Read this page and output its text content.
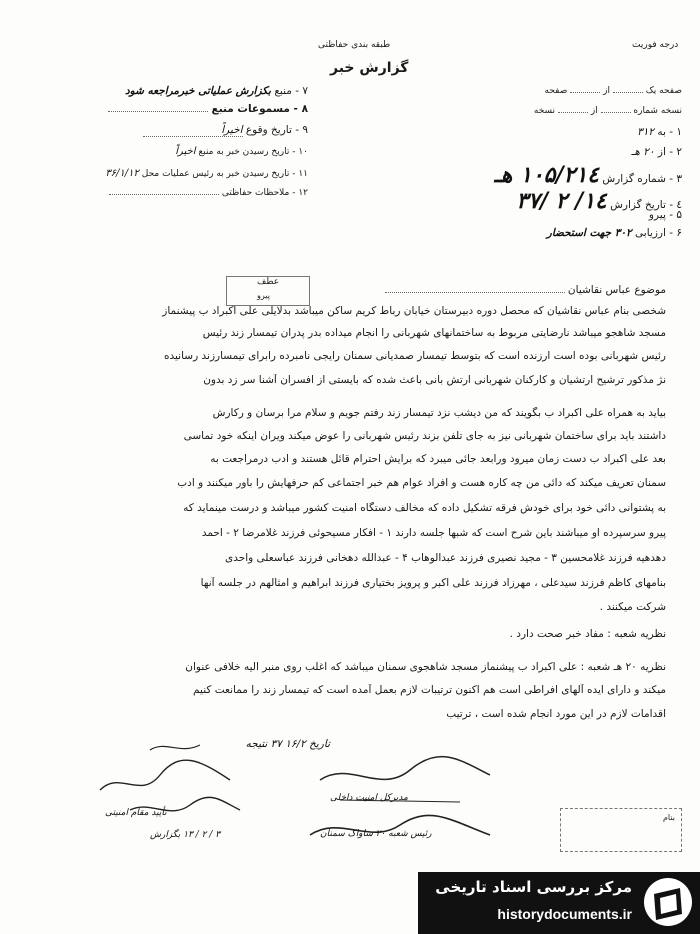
طبقه بندی حفاظتی
گزارش خبر
درجه فوریت
۷ - منبع بکزارش عملیاتی خبرمراجعه شود
۸ - مسموعات منبع
۹ - تاریخ وقوع اخیراً
۱۰ - تاریخ رسیدن خبر به منبع اخیراً
۱۱ - تاریخ رسیدن خبر به رئیس عملیات محل ۳۶/۱/۱۲
۱۲ - ملاحظات حفاظتی
صفحه یک  از  صفحه
نسخه شماره  از  نسخه
۱ - به ۳۱۲
۲ - از ۲۰ هـ
۳ - شماره گزارش ۱۰۵/۲۱٤ هـ
٤ - تاریخ گزارش ۱٤/ ۲ /۳۷
۵ - پیرو
۶ - ارزیابی ۳۰۲ جهت استحضار
عطف
پیرو	موضوع عباس نقاشیان
شخصی بنام عباس نقاشیان که محصل دوره دبیرستان خیابان رباط کریم ساکن میباشد بدلایلی علی اکبراد ب پیشنماز
مسجد شاهجو میباشد نارضایتی مربوط به ساختمانهای شهربانی را انجام میداده بدر پدران تیمسار زند رئیس
رئیس شهربانی بوده است ارزنده است که بتوسط تیمسار صمدیانی سمنان رایجی نامبرده رابرای تیمسارزند رسانیده
نژ مذکور ترشیح ارتشیان و کارکنان شهربانی ارتش بانی باعث شده که بایستی از افسران آشنا سر زد بدون
بیاید به همراه علی اکبراد ب بگویند که من دیشب نزد تیمسار زند رفتم جویم و سلام مرا برسان و رکارش
داشتند باید برای ساختمان شهربانی نیز به جای تلفن بزند رئیس شهربانی را عوض میکند ویران اینکه خود تماسی
بعد علی اکبراد ب دست زمان میرود ورابعد جائی میبرد که برایش احترام قائل هستند و ادب درمراجعت به
سمنان تعریف میکند که دائی من چه کاره هست و افراد عوام هم خبر اجتماعی کم حرفهایش را باور میکنند و ادب
به پشتوانی دائی خود برای خودش فرقه تشکیل داده که مخالف دستگاه امنیت کشور میباشد و درست مینماید که
پیرو سرسپرده او میباشند باین شرح است که شبها جلسه دارند ۱ - افکار مسیحوئی فرزند غلامرضا ۲ - احمد
دهدهیه فرزند غلامحسین ۳ - مجید نصیری فرزند عبدالوهاب ۴ - عبدالله دهخانی فرزند عباسعلی واحدی
بنامهای کاظم فرزند سیدعلی ، مهرزاد فرزند علی اکبر و پرویز بختیاری فرزند ابراهیم و امثالهم در جلسه آنها
شرکت میکنند .
نظریه شعبه : مفاد خبر صحت دارد .
نظریه ۲۰ هـ شعبه : علی اکبراد ب پیشنماز مسجد شاهجوی سمنان میباشد که اغلب روی منبر الیه خلافی عنوان
میکند و دارای ایده آلهای افراطی است هم اکنون ترتیبات لازم بعمل آمده است که تیمسار زند را ممانعت کنیم
اقدامات لازم در این مورد انجام شده است ، ترتیب
تاریخ ۱۶/۲ ۳۷ نتیجه
تأیید مقام امنیتی
۳ / ۲ / ۱۳ بگزارش
مدیرکل امنیت داخلی
رئیس شعبه ۲۰ ساواک سمنان
بنام
مرکز بررسی اسناد تاریخی
historydocuments.ir
